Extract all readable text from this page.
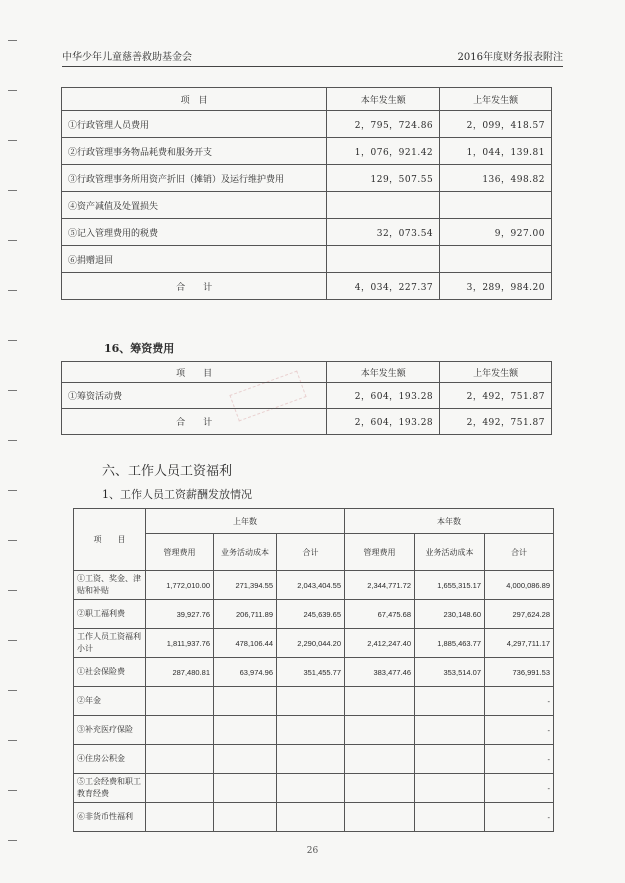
中华少年儿童慈善救助基金会	2016年度财务报表附注
项　目	本年发生额	上年发生额
①行政管理人员费用	2，795，724.86	2，099，418.57
②行政管理事务物品耗费和服务开支	1，076，921.42	1，044，139.81
③行政管理事务所用资产折旧（摊销）及运行维护费用	129，507.55	136，498.82
④资产减值及处置损失		
⑤记入管理费用的税费	32，073.54	9，927.00
⑥捐赠退回		
合　　计	4，034，227.37	3，289，984.20
16、筹资费用
项　　目	本年发生额	上年发生额
①筹资活动费	2，604，193.28	2，492，751.87
合　　计	2，604，193.28	2，492，751.87
六、工作人员工资福利
1、工作人员工资薪酬发放情况
项　　目	上年数			本年数		
	管理费用	业务活动成本	合计	管理费用	业务活动成本	合计
①工资、奖金、津贴和补贴	1,772,010.00	271,394.55	2,043,404.55	2,344,771.72	1,655,315.17	4,000,086.89
②职工福利费	39,927.76	206,711.89	245,639.65	67,475.68	230,148.60	297,624.28
工作人员工资福利小计	1,811,937.76	478,106.44	2,290,044.20	2,412,247.40	1,885,463.77	4,297,711.17
①社会保险费	287,480.81	63,974.96	351,455.77	383,477.46	353,514.07	736,991.53
②年金						-
③补充医疗保险						-
④住房公积金						-
⑤工会经费和职工教育经费						-
⑥非货币性福利						-
26
